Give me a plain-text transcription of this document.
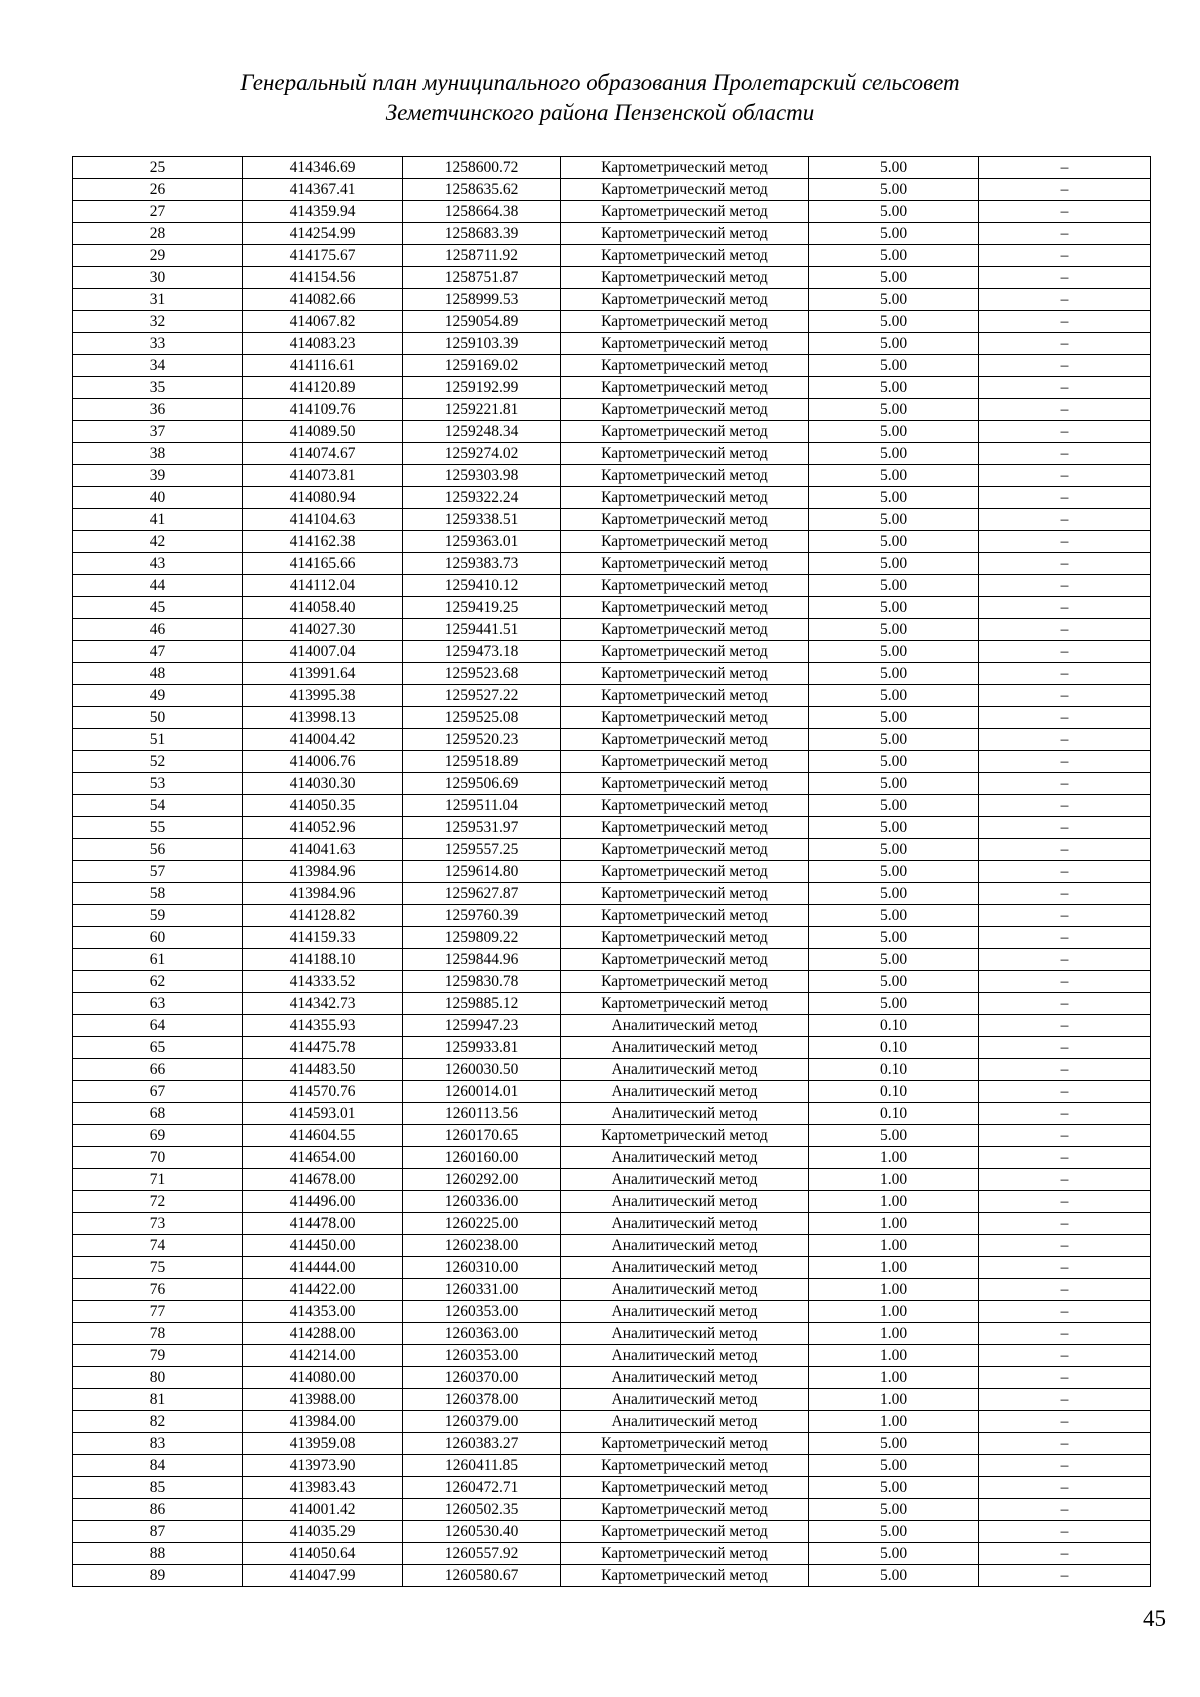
Генеральный план муниципального образования Пролетарский сельсовет
Земетчинского района Пензенской области
25	414346.69	1258600.72	Картометрический метод	5.00	–
26	414367.41	1258635.62	Картометрический метод	5.00	–
27	414359.94	1258664.38	Картометрический метод	5.00	–
28	414254.99	1258683.39	Картометрический метод	5.00	–
29	414175.67	1258711.92	Картометрический метод	5.00	–
30	414154.56	1258751.87	Картометрический метод	5.00	–
31	414082.66	1258999.53	Картометрический метод	5.00	–
32	414067.82	1259054.89	Картометрический метод	5.00	–
33	414083.23	1259103.39	Картометрический метод	5.00	–
34	414116.61	1259169.02	Картометрический метод	5.00	–
35	414120.89	1259192.99	Картометрический метод	5.00	–
36	414109.76	1259221.81	Картометрический метод	5.00	–
37	414089.50	1259248.34	Картометрический метод	5.00	–
38	414074.67	1259274.02	Картометрический метод	5.00	–
39	414073.81	1259303.98	Картометрический метод	5.00	–
40	414080.94	1259322.24	Картометрический метод	5.00	–
41	414104.63	1259338.51	Картометрический метод	5.00	–
42	414162.38	1259363.01	Картометрический метод	5.00	–
43	414165.66	1259383.73	Картометрический метод	5.00	–
44	414112.04	1259410.12	Картометрический метод	5.00	–
45	414058.40	1259419.25	Картометрический метод	5.00	–
46	414027.30	1259441.51	Картометрический метод	5.00	–
47	414007.04	1259473.18	Картометрический метод	5.00	–
48	413991.64	1259523.68	Картометрический метод	5.00	–
49	413995.38	1259527.22	Картометрический метод	5.00	–
50	413998.13	1259525.08	Картометрический метод	5.00	–
51	414004.42	1259520.23	Картометрический метод	5.00	–
52	414006.76	1259518.89	Картометрический метод	5.00	–
53	414030.30	1259506.69	Картометрический метод	5.00	–
54	414050.35	1259511.04	Картометрический метод	5.00	–
55	414052.96	1259531.97	Картометрический метод	5.00	–
56	414041.63	1259557.25	Картометрический метод	5.00	–
57	413984.96	1259614.80	Картометрический метод	5.00	–
58	413984.96	1259627.87	Картометрический метод	5.00	–
59	414128.82	1259760.39	Картометрический метод	5.00	–
60	414159.33	1259809.22	Картометрический метод	5.00	–
61	414188.10	1259844.96	Картометрический метод	5.00	–
62	414333.52	1259830.78	Картометрический метод	5.00	–
63	414342.73	1259885.12	Картометрический метод	5.00	–
64	414355.93	1259947.23	Аналитический метод	0.10	–
65	414475.78	1259933.81	Аналитический метод	0.10	–
66	414483.50	1260030.50	Аналитический метод	0.10	–
67	414570.76	1260014.01	Аналитический метод	0.10	–
68	414593.01	1260113.56	Аналитический метод	0.10	–
69	414604.55	1260170.65	Картометрический метод	5.00	–
70	414654.00	1260160.00	Аналитический метод	1.00	–
71	414678.00	1260292.00	Аналитический метод	1.00	–
72	414496.00	1260336.00	Аналитический метод	1.00	–
73	414478.00	1260225.00	Аналитический метод	1.00	–
74	414450.00	1260238.00	Аналитический метод	1.00	–
75	414444.00	1260310.00	Аналитический метод	1.00	–
76	414422.00	1260331.00	Аналитический метод	1.00	–
77	414353.00	1260353.00	Аналитический метод	1.00	–
78	414288.00	1260363.00	Аналитический метод	1.00	–
79	414214.00	1260353.00	Аналитический метод	1.00	–
80	414080.00	1260370.00	Аналитический метод	1.00	–
81	413988.00	1260378.00	Аналитический метод	1.00	–
82	413984.00	1260379.00	Аналитический метод	1.00	–
83	413959.08	1260383.27	Картометрический метод	5.00	–
84	413973.90	1260411.85	Картометрический метод	5.00	–
85	413983.43	1260472.71	Картометрический метод	5.00	–
86	414001.42	1260502.35	Картометрический метод	5.00	–
87	414035.29	1260530.40	Картометрический метод	5.00	–
88	414050.64	1260557.92	Картометрический метод	5.00	–
89	414047.99	1260580.67	Картометрический метод	5.00	–
45
